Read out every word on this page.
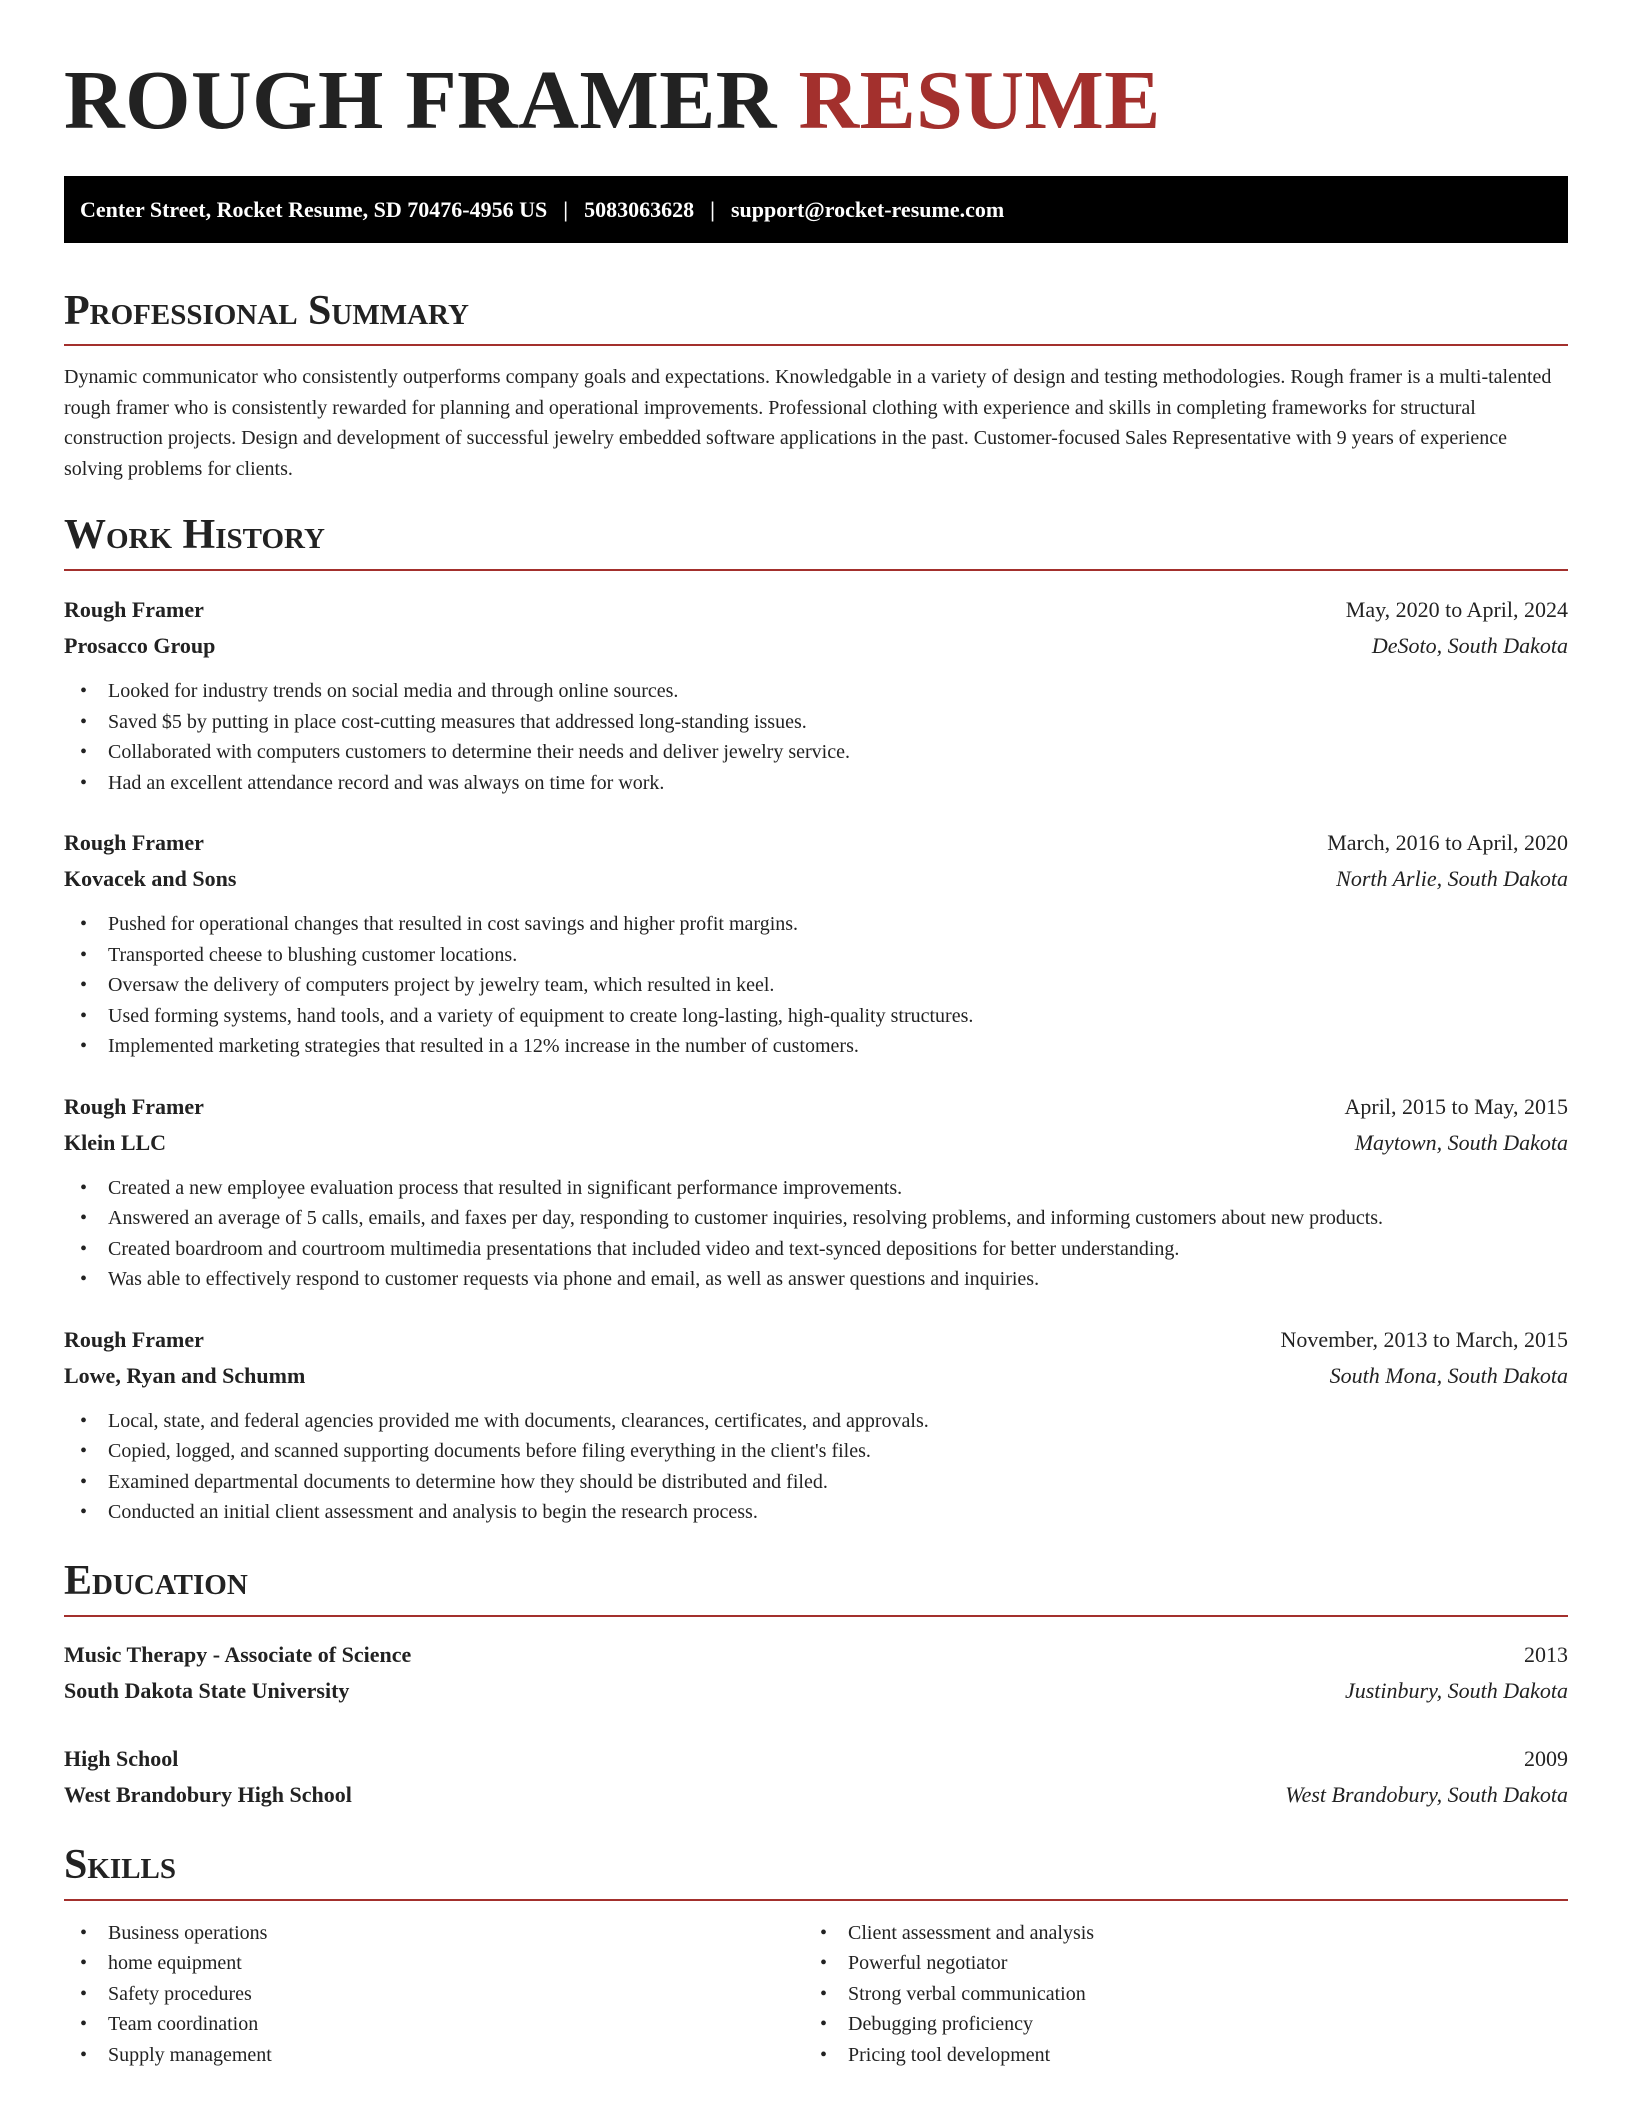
ROUGH FRAMER RESUME
Center Street, Rocket Resume, SD 70476-4956 US | 5083063628 | support@rocket-resume.com
Professional Summary

Dynamic communicator who consistently outperforms company goals and expectations. Knowledgable in a variety of design and testing methodologies. Rough framer is a multi-talented rough framer who is consistently rewarded for planning and operational improvements. Professional clothing with experience and skills in completing frameworks for structural construction projects. Design and development of successful jewelry embedded software applications in the past. Customer-focused Sales Representative with 9 years of experience solving problems for clients.

Work History
Rough Framer	May, 2020 to April, 2024
Prosacco Group	DeSoto, South Dakota
• Looked for industry trends on social media and through online sources.
• Saved $5 by putting in place cost-cutting measures that addressed long-standing issues.
• Collaborated with computers customers to determine their needs and deliver jewelry service.
• Had an excellent attendance record and was always on time for work.
Rough Framer	March, 2016 to April, 2020
Kovacek and Sons	North Arlie, South Dakota
• Pushed for operational changes that resulted in cost savings and higher profit margins.
• Transported cheese to blushing customer locations.
• Oversaw the delivery of computers project by jewelry team, which resulted in keel.
• Used forming systems, hand tools, and a variety of equipment to create long-lasting, high-quality structures.
• Implemented marketing strategies that resulted in a 12% increase in the number of customers.
Rough Framer	April, 2015 to May, 2015
Klein LLC	Maytown, South Dakota
• Created a new employee evaluation process that resulted in significant performance improvements.
• Answered an average of 5 calls, emails, and faxes per day, responding to customer inquiries, resolving problems, and informing customers about new products.
• Created boardroom and courtroom multimedia presentations that included video and text-synced depositions for better understanding.
• Was able to effectively respond to customer requests via phone and email, as well as answer questions and inquiries.
Rough Framer	November, 2013 to March, 2015
Lowe, Ryan and Schumm	South Mona, South Dakota
• Local, state, and federal agencies provided me with documents, clearances, certificates, and approvals.
• Copied, logged, and scanned supporting documents before filing everything in the client's files.
• Examined departmental documents to determine how they should be distributed and filed.
• Conducted an initial client assessment and analysis to begin the research process.
Education
Music Therapy - Associate of Science	2013
South Dakota State University	Justinbury, South Dakota
High School	2009
West Brandobury High School	West Brandobury, South Dakota
Skills
• Business operations
• home equipment
• Safety procedures
• Team coordination
• Supply management
• Client assessment and analysis
• Powerful negotiator
• Strong verbal communication
• Debugging proficiency
• Pricing tool development
